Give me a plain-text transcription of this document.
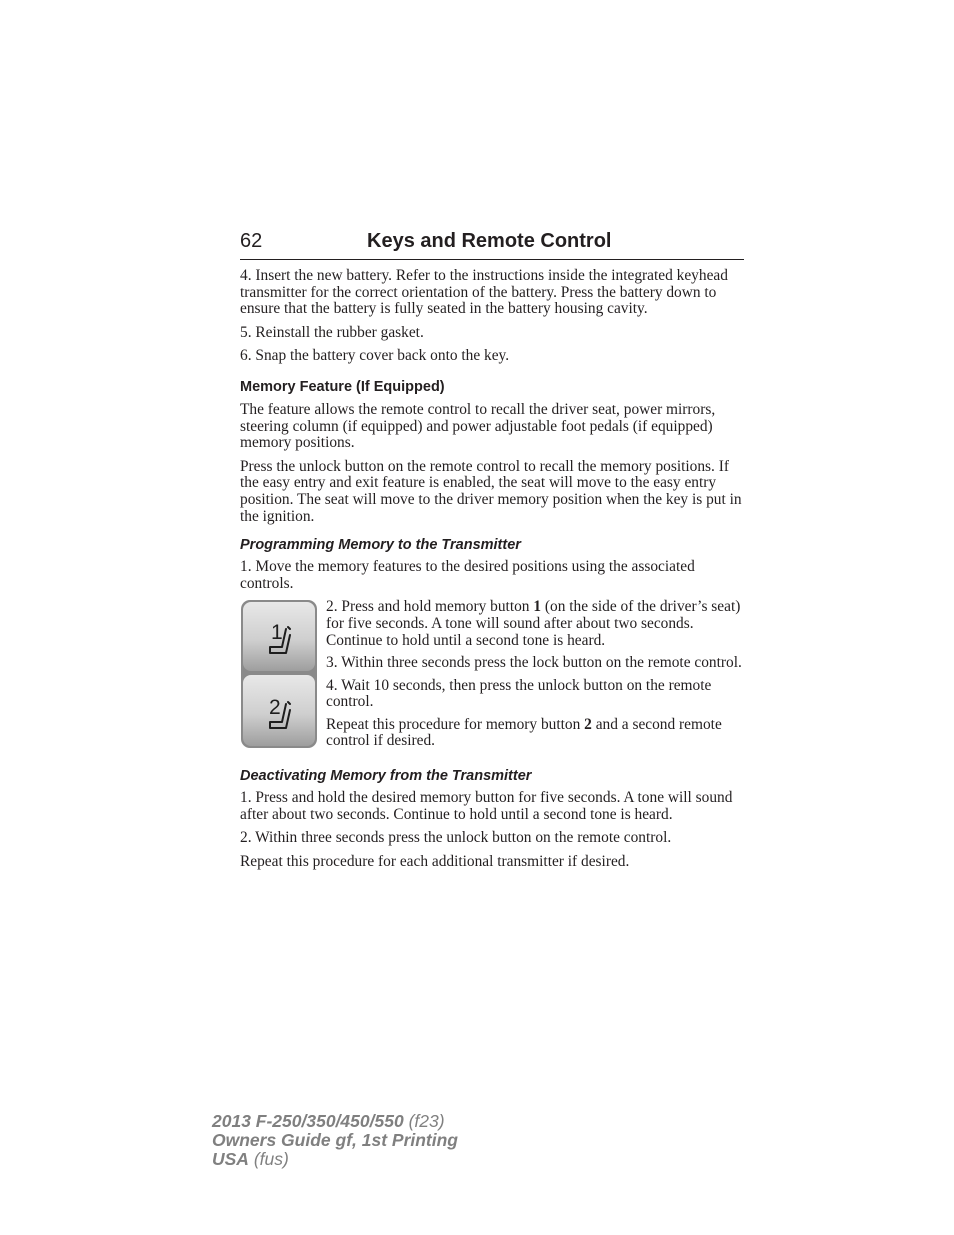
62	Keys and Remote Control

4. Insert the new battery. Refer to the instructions inside the integrated keyhead transmitter for the correct orientation of the battery. Press the battery down to ensure that the battery is fully seated in the battery housing cavity.

5. Reinstall the rubber gasket.

6. Snap the battery cover back onto the key.

Memory Feature (If Equipped)

The feature allows the remote control to recall the driver seat, power mirrors, steering column (if equipped) and power adjustable foot pedals (if equipped) memory positions.

Press the unlock button on the remote control to recall the memory positions. If the easy entry and exit feature is enabled, the seat will move to the easy entry position. The seat will move to the driver memory position when the key is put in the ignition.

Programming Memory to the Transmitter

1. Move the memory features to the desired positions using the associated controls.

1
2

2. Press and hold memory button 1 (on the side of the driver’s seat) for five seconds. A tone will sound after about two seconds. Continue to hold until a second tone is heard.

3. Within three seconds press the lock button on the remote control.

4. Wait 10 seconds, then press the unlock button on the remote control.

Repeat this procedure for memory button 2 and a second remote control if desired.

Deactivating Memory from the Transmitter

1. Press and hold the desired memory button for five seconds. A tone will sound after about two seconds. Continue to hold until a second tone is heard.

2. Within three seconds press the unlock button on the remote control.

Repeat this procedure for each additional transmitter if desired.

2013 F-250/350/450/550 (f23)
Owners Guide gf, 1st Printing
USA (fus)
